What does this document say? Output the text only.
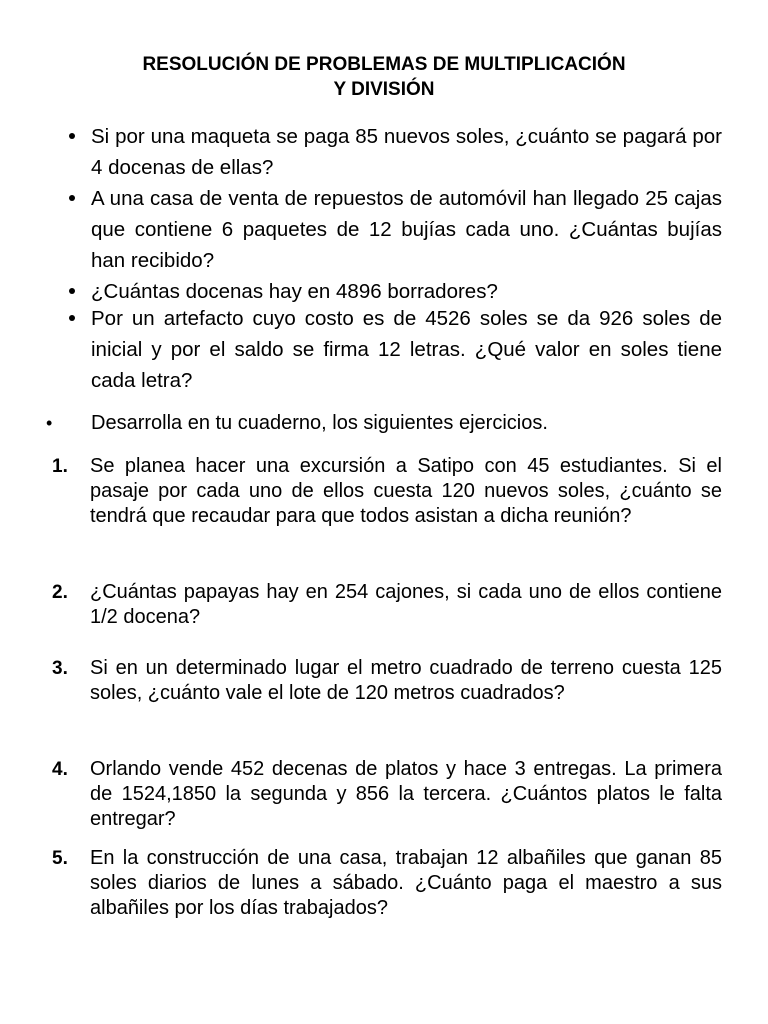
RESOLUCIÓN DE PROBLEMAS DE MULTIPLICACIÓN
Y DIVISIÓN
Si por una maqueta se paga 85 nuevos soles, ¿cuánto se pagará por 4 docenas de ellas?
A una casa de venta de repuestos de automóvil han llegado 25 cajas que contiene 6 paquetes de 12 bujías cada uno. ¿Cuántas bujías han recibido?
¿Cuántas docenas hay en 4896 borradores?
Por un artefacto cuyo costo es de 4526 soles se da 926 soles de inicial y por el saldo se firma 12 letras. ¿Qué valor en soles tiene cada letra?
• Desarrolla en tu cuaderno, los siguientes ejercicios.
1. Se planea hacer una excursión a Satipo con 45 estudiantes. Si el pasaje por cada uno de ellos cuesta 120 nuevos soles, ¿cuánto se tendrá que recaudar para que todos asistan a dicha reunión?
2. ¿Cuántas papayas hay en 254 cajones, si cada uno de ellos contiene 1/2 docena?
3. Si en un determinado lugar el metro cuadrado de terreno cuesta 125 soles, ¿cuánto vale el lote de 120 metros cuadrados?
4. Orlando vende 452 decenas de platos y hace 3 entregas. La primera de 1524,1850 la segunda y 856 la tercera. ¿Cuántos platos le falta entregar?
5. En la construcción de una casa, trabajan 12 albañiles que ganan 85 soles diarios de lunes a sábado. ¿Cuánto paga el maestro a sus albañiles por los días trabajados?
